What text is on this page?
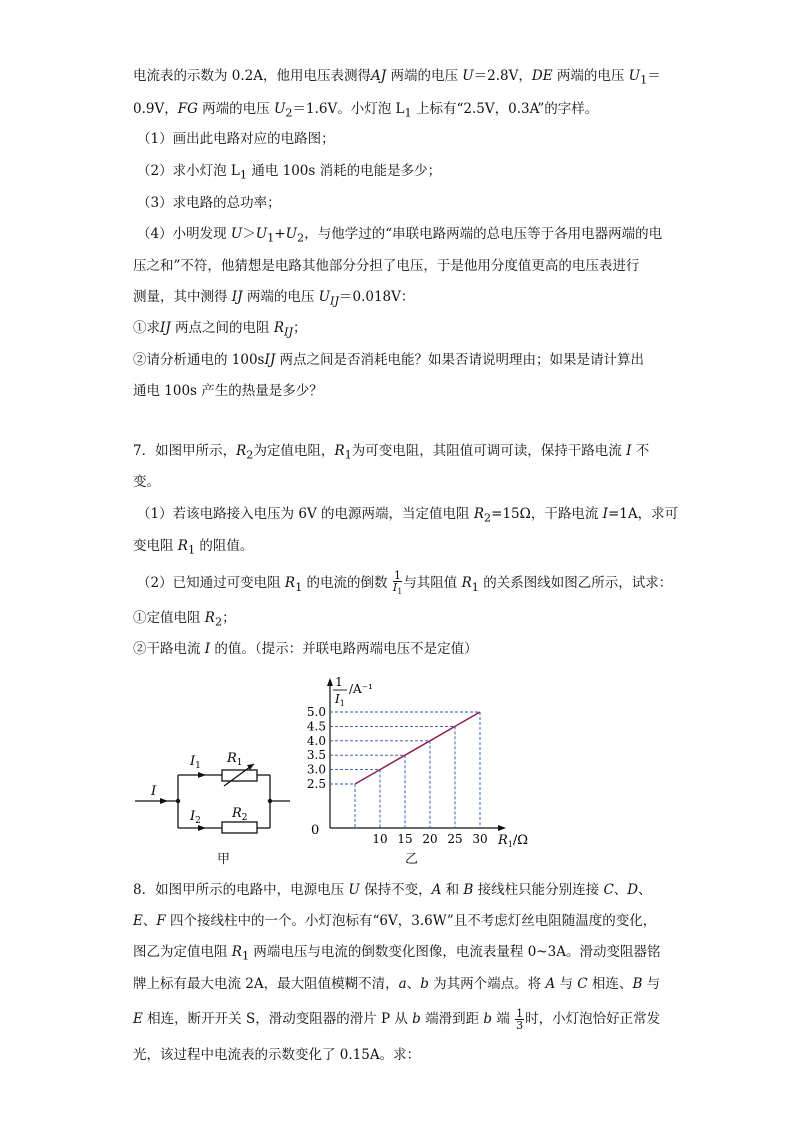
电流表的示数为 0.2A，他用电压表测得AJ 两端的电压 U＝2.8V，DE 两端的电压 $U_1=$
0.9V，FG 两端的电压 $U_2=1.6V$。小灯泡 $L_1$ 上标有“2.5V，0.3A”的字样。
（1）画出此电路对应的电路图；
（2）求小灯泡 $L_1$ 通电 100s 消耗的电能是多少；
（3）求电路的总功率；
（4）小明发现 $U>U_1+U_2$，与他学过的“串联电路两端的总电压等于各用电器两端的电
压之和”不符，他猜想是电路其他部分分担了电压，于是他用分度值更高的电压表进行
测量，其中测得 IJ 两端的电压 $U_{IJ}=0.018V$：
①求IJ 两点之间的电阻 $R_{IJ}$；
②请分析通电的 100sIJ 两点之间是否消耗电能？如果否请说明理由；如果是请计算出
通电 100s 产生的热量是多少？
7．如图甲所示，$R_2$为定值电阻，$R_1$为可变电阻，其阻值可调可读，保持干路电流 I 不
变。
（1）若该电路接入电压为 6V 的电源两端，当定值电阻 $R_2=15\Omega$，干路电流 I=1A，求可
变电阻 $R_1$ 的阻值。
（2）已知通过可变电阻 $R_1$ 的电流的倒数 $\frac{1}{I_1}$ 与其阻值 $R_1$ 的关系图线如图乙所示，试求：
①定值电阻 $R_2$；
②干路电流 I 的值。（提示：并联电路两端电压不是定值）
I
$I_1$ $R_1$
$I_2$ $R_2$
甲
2.5
3.0
3.5
4.0
4.5
5.0
10 15 20 25 30
0
1
$I_1$
/A⁻¹
$R_1/\Omega$
乙
8．如图甲所示的电路中，电源电压 U 保持不变，A 和 B 接线柱只能分别连接 C、D、
E、F 四个接线柱中的一个。小灯泡标有“6V，3.6W”且不考虑灯丝电阻随温度的变化，
图乙为定值电阻 $R_1$ 两端电压与电流的倒数变化图像，电流表量程 0~3A。滑动变阻器铭
牌上标有最大电流 2A，最大阻值模糊不清，a、b 为其两个端点。将 A 与 C 相连、B 与
E 相连，断开开关 S，滑动变阻器的滑片 P 从 b 端滑到距 b 端 $\frac{1}{3}$ 时，小灯泡恰好正常发
光，该过程中电流表的示数变化了 0.15A。求：
